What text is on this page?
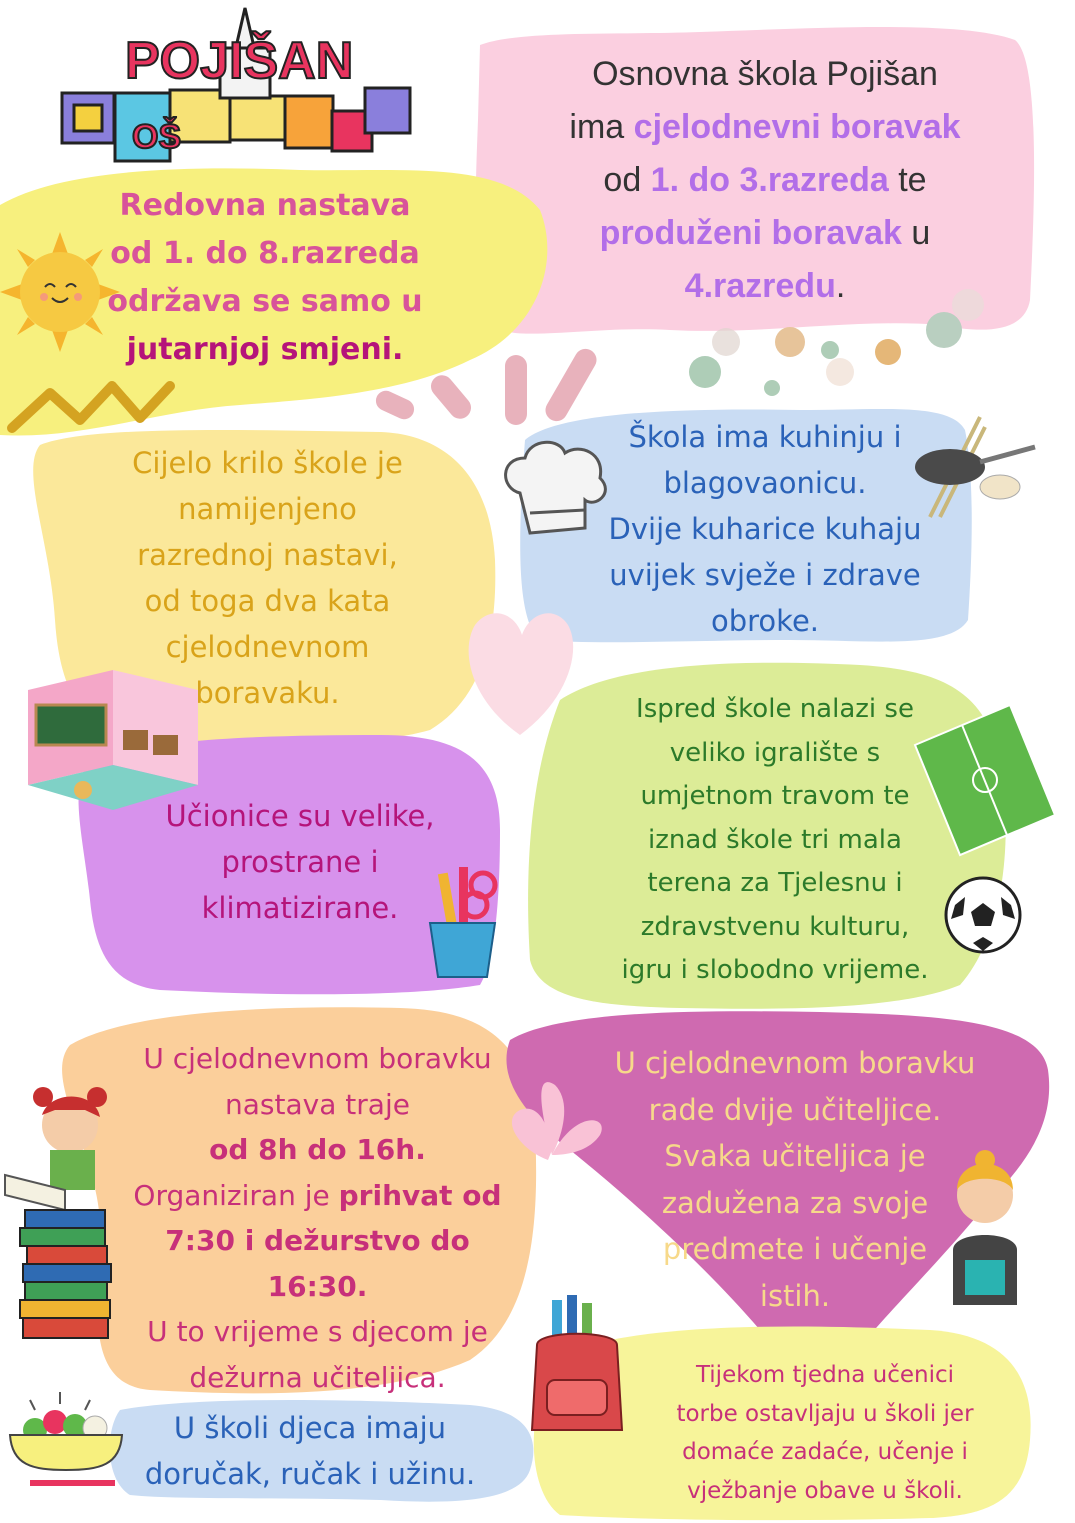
POJIŠAN
OŠ
Osnovna škola Pojišan
ima cjelodnevni boravak
od 1. do 3.razreda te
produženi boravak u
4.razredu.
Redovna nastava
od 1. do 8.razreda
održava se samo u
jutarnjoj smjeni.
Cijelo krilo škole je
namijenjeno
razrednoj nastavi,
od toga dva kata
cjelodnevnom
boravaku.
Škola ima kuhinju i
blagovaonicu.
Dvije kuharice kuhaju
uvijek svježe i zdrave
obroke.
Učionice su velike,
prostrane i
klimatizirane.
Ispred škole nalazi se
veliko igralište s
umjetnom travom te
iznad škole tri mala
terena za Tjelesnu i
zdravstvenu kulturu,
igru i slobodno vrijeme.
U cjelodnevnom boravku
nastava traje
od 8h do 16h.
Organiziran je prihvat od
7:30 i dežurstvo do 16:30.
U to vrijeme s djecom je
dežurna učiteljica.
U cjelodnevnom boravku
rade dvije učiteljice.
Svaka učiteljica je
zadužena za svoje
predmete i učenje
istih.
U školi djeca imaju
doručak, ručak i užinu.
Tijekom tjedna učenici
torbe ostavljaju u školi jer
domaće zadaće, učenje i
vježbanje obave u školi.
